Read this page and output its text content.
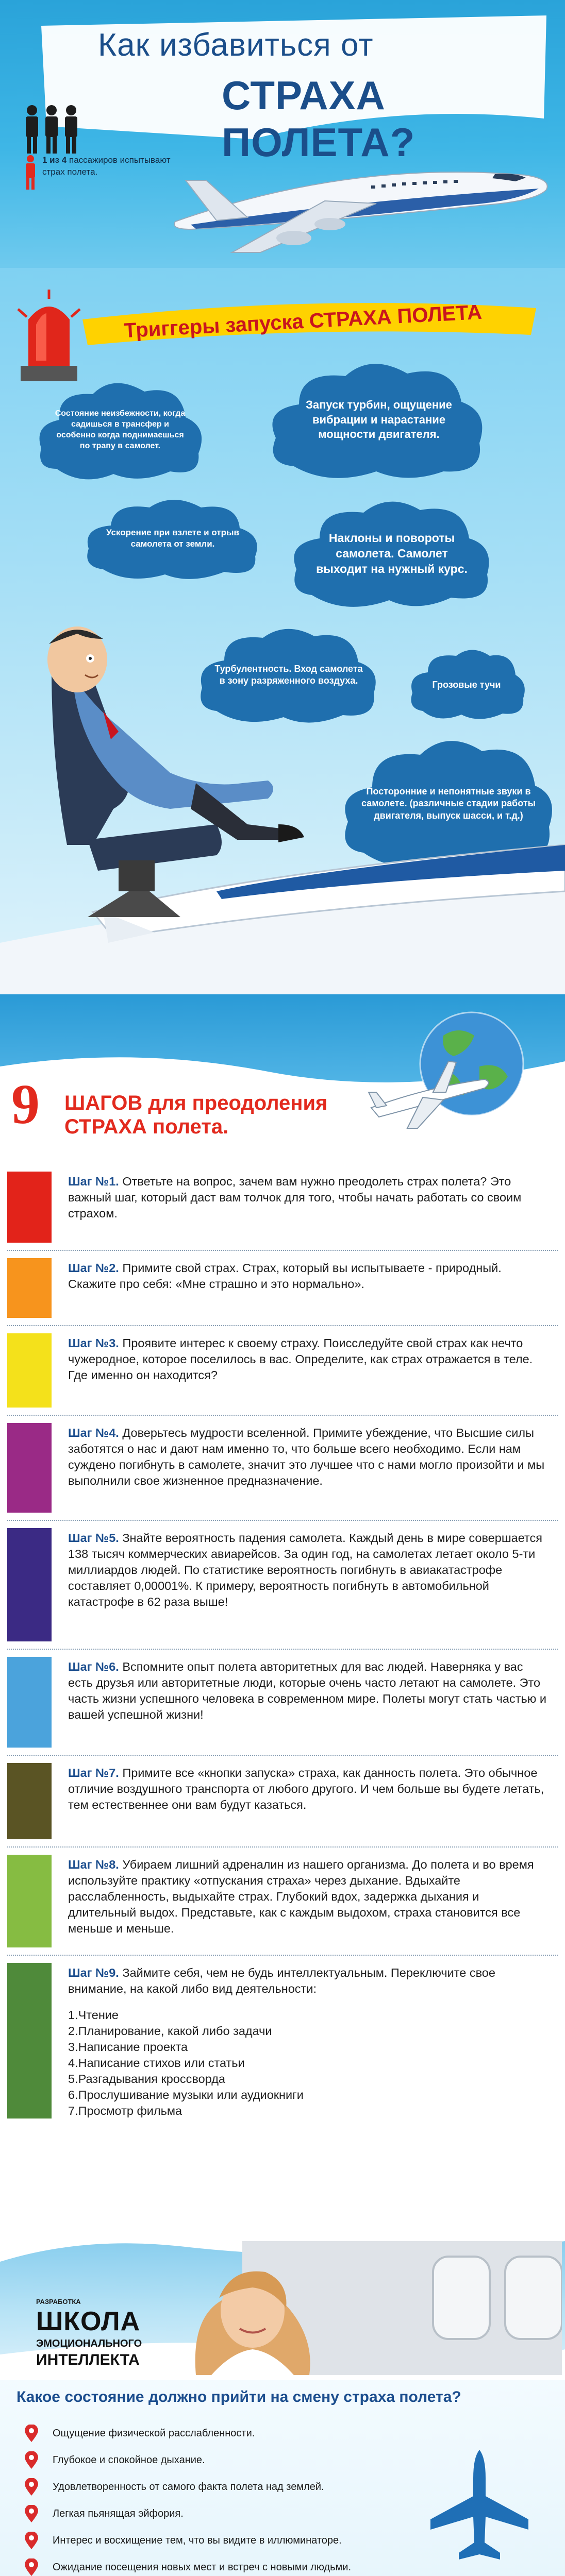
Как избавиться от
СТРАХА ПОЛЕТА?
1 из 4 пассажиров испытывают страх полета.
Триггеры запуска СТРАХА ПОЛЕТА
Состояние неизбежности, когда садишься в трансфер и особенно когда поднимаешься по трапу в самолет.
Запуск турбин, ощущение вибрации и нарастание мощности двигателя.
Ускорение при взлете и отрыв самолета от земли.	Наклоны и повороты самолета. Самолет выходит на нужный курс.
Турбулентность. Вход самолета в зону разряженного воздуха.	Грозовые тучи
Посторонние и непонятные звуки в самолете. (различные стадии работы двигателя, выпуск шасси, и т.д.)
9 ШАГОВ для преодоления
СТРАХА полета.
Шаг №1. Ответьте на вопрос, зачем вам нужно преодолеть страх полета? Это важный шаг, который даст вам толчок для того, чтобы начать работать со своим страхом.
Шаг №2. Примите свой страх. Страх, который вы испытываете - природный. Скажите про себя: «Мне страшно и это нормально».
Шаг №3. Проявите интерес к своему страху. Поисследуйте свой страх как нечто чужеродное, которое поселилось в вас. Определите, как страх отражается в теле. Где именно он находится?
Шаг №4. Доверьтесь мудрости вселенной. Примите убеждение, что Высшие силы заботятся о нас и дают нам именно то, что больше всего необходимо. Если нам суждено погибнуть в самолете, значит это лучшее что с нами могло произойти и мы выполнили свое жизненное предназначение.
Шаг №5. Знайте вероятность падения самолета. Каждый день в мире совершается 138 тысяч коммерческих авиарейсов. За один год, на самолетах летает около 5-ти миллиардов людей. По статистике вероятность погибнуть в авиакатастрофе составляет 0,00001%. К примеру, вероятность погибнуть в автомобильной катастрофе в 62 раза выше!
Шаг №6. Вспомните опыт полета авторитетных для вас людей. Наверняка у вас есть друзья или авторитетные люди, которые очень часто летают на самолете. Это часть жизни успешного человека в современном мире. Полеты могут стать частью и вашей успешной жизни!
Шаг №7. Примите все «кнопки запуска» страха, как данность полета. Это обычное отличие воздушного транспорта от любого другого. И чем больше вы будете летать, тем естественнее они вам будут казаться.
Шаг №8. Убираем лишний адреналин из нашего организма. До полета и во время используйте практику «отпускания страха» через дыхание. Вдыхайте расслабленность, выдыхайте страх. Глубокий вдох, задержка дыхания и длительный выдох. Представьте, как с каждым выдохом, страха становится все меньше и меньше.
Шаг №9. Займите себя, чем не будь интеллектуальным. Переключите свое внимание, на какой либо вид деятельности:
1.Чтение
2.Планирование, какой либо задачи
3.Написание проекта
4.Написание стихов или статьи
5.Разгадывания кроссворда
6.Прослушивание музыки или аудиокниги
7.Просмотр фильма
РАЗРАБОТКА
ШКОЛА
ЭМОЦИОНАЛЬНОГО
ИНТЕЛЛЕКТА
Какое состояние должно прийти на смену страха полета?
Ощущение физической расслабленности.
Глубокое и спокойное дыхание.
Удовлетворенность от самого факта полета над землей.
Легкая пьянящая эйфория.
Интерес и восхищение тем, что вы видите в иллюминаторе.
Ожидание посещения новых мест и встреч с новыми людьми.
